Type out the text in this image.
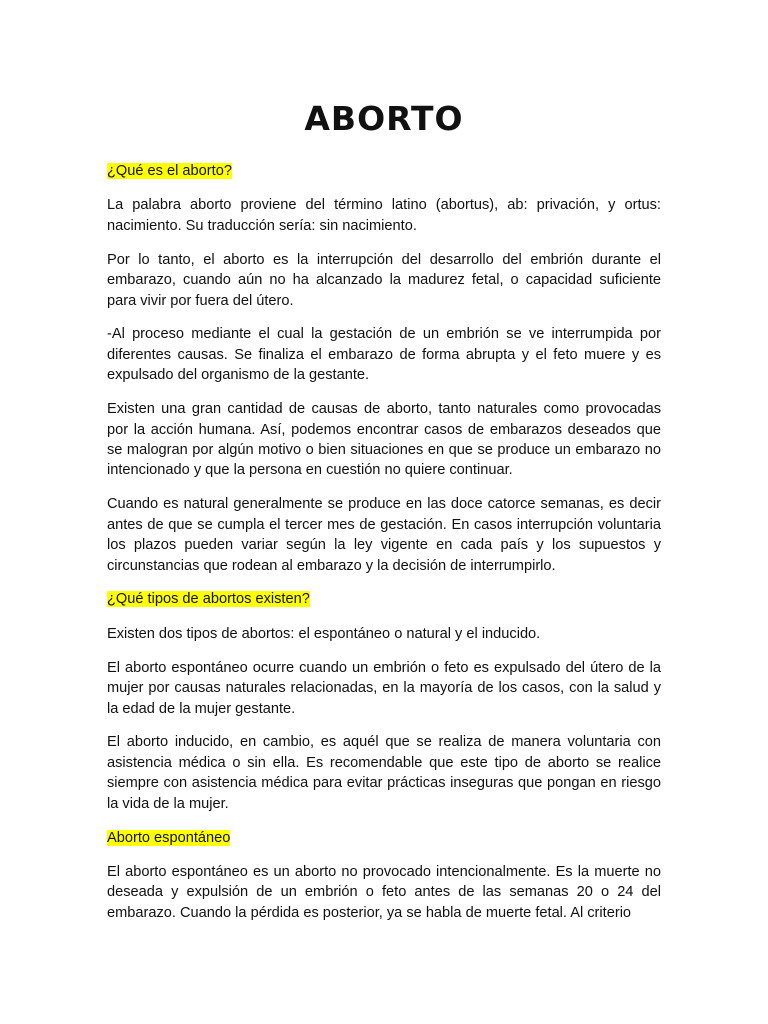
ABORTO

¿Qué es el aborto?

La palabra aborto proviene del término latino (abortus), ab: privación, y ortus: nacimiento. Su traducción sería: sin nacimiento.

Por lo tanto, el aborto es la interrupción del desarrollo del embrión durante el embarazo, cuando aún no ha alcanzado la madurez fetal, o capacidad suficiente para vivir por fuera del útero.

-Al proceso mediante el cual la gestación de un embrión se ve interrumpida por diferentes causas. Se finaliza el embarazo de forma abrupta y el feto muere y es expulsado del organismo de la gestante.

Existen una gran cantidad de causas de aborto, tanto naturales como provocadas por la acción humana. Así, podemos encontrar casos de embarazos deseados que se malogran por algún motivo o bien situaciones en que se produce un embarazo no intencionado y que la persona en cuestión no quiere continuar.

Cuando es natural generalmente se produce en las doce catorce semanas, es decir antes de que se cumpla el tercer mes de gestación. En casos interrupción voluntaria los plazos pueden variar según la ley vigente en cada país y los supuestos y circunstancias que rodean al embarazo y la decisión de interrumpirlo.

¿Qué tipos de abortos existen?

Existen dos tipos de abortos: el espontáneo o natural y el inducido.

El aborto espontáneo ocurre cuando un embrión o feto es expulsado del útero de la mujer por causas naturales relacionadas, en la mayoría de los casos, con la salud y la edad de la mujer gestante.

El aborto inducido, en cambio, es aquél que se realiza de manera voluntaria con asistencia médica o sin ella. Es recomendable que este tipo de aborto se realice siempre con asistencia médica para evitar prácticas inseguras que pongan en riesgo la vida de la mujer.

Aborto espontáneo

El aborto espontáneo es un aborto no provocado intencionalmente. Es la muerte no deseada y expulsión de un embrión o feto antes de las semanas 20 o 24 del embarazo. Cuando la pérdida es posterior, ya se habla de muerte fetal. Al criterio
